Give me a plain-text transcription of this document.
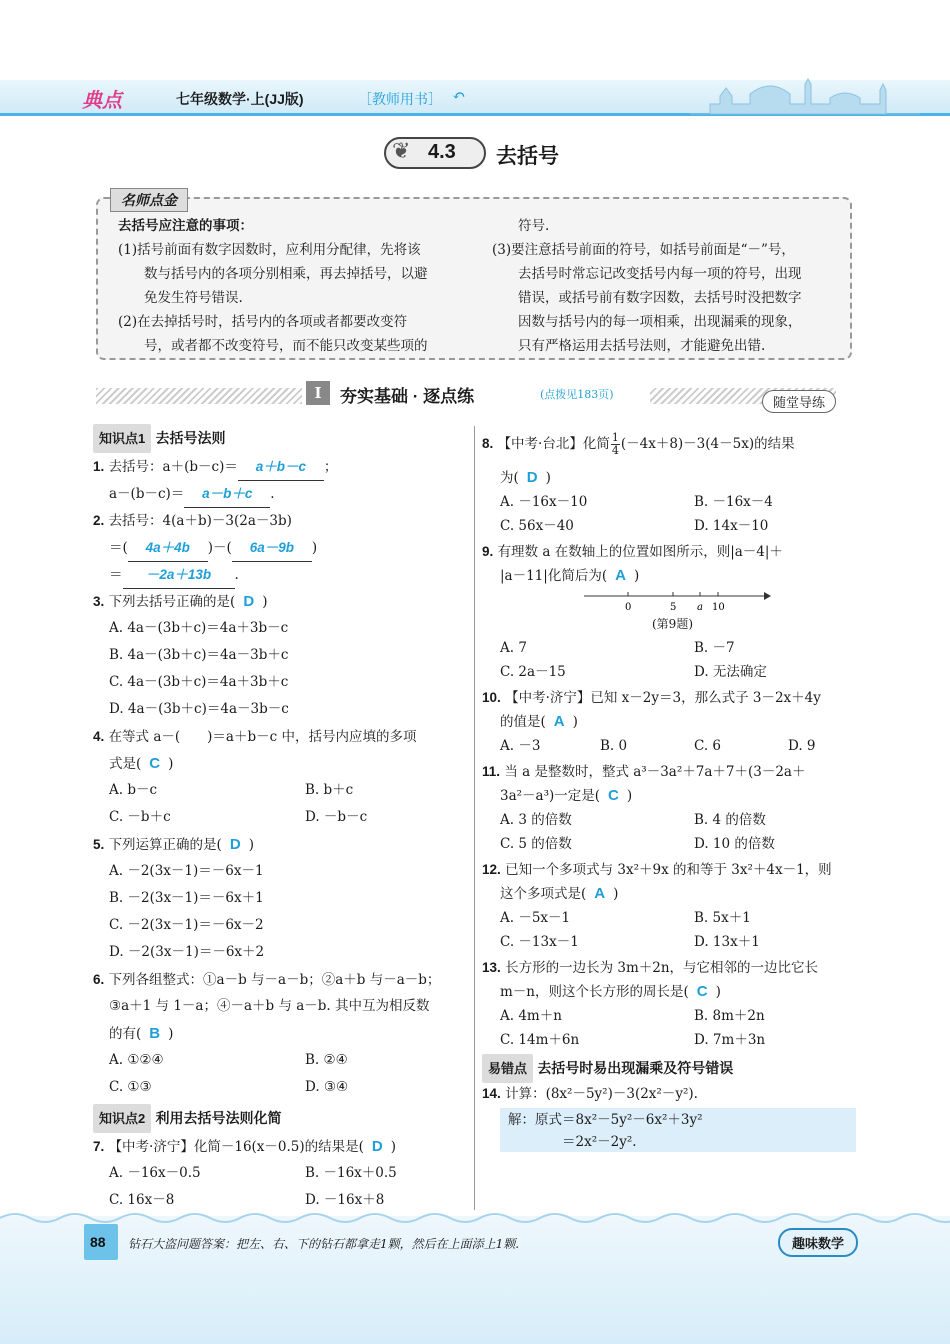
典点	七年级数学·上(JJ版)	［教师用书］ ↶
❦ 4.3 去括号
名师点金
去括号应注意的事项：
(1)括号前面有数字因数时，应利用分配律，先将该
数与括号内的各项分别相乘，再去掉括号，以避
免发生符号错误.
(2)在去掉括号时，括号内的各项或者都要改变符
号，或者都不改变符号，而不能只改变某些项的
符号.
(3)要注意括号前面的符号，如括号前面是“－”号，
去括号时常忘记改变括号内每一项的符号，出现
错误，或括号前有数字因数，去括号时没把数字
因数与括号内的每一项相乘，出现漏乘的现象，
只有严格运用去括号法则，才能避免出错.
Ⅰ	夯实基础 · 逐点练	(点拨见183页)
随堂导练
知识点1 去括号法则
1. 去括号：a＋(b－c)＝ a＋b－c ；
a－(b－c)＝ a－b＋c .
2. 去括号：4(a＋b)－3(2a－3b)
＝( 4a＋4b )－( 6a－9b )
＝ －2a＋13b .
3. 下列去括号正确的是( D )
A. 4a－(3b＋c)＝4a＋3b－c
B. 4a－(3b＋c)＝4a－3b＋c
C. 4a－(3b＋c)＝4a＋3b＋c
D. 4a－(3b＋c)＝4a－3b－c
4. 在等式 a－(　　)＝a＋b－c 中，括号内应填的多项
式是( C )
A. b－c	B. b＋c
C. －b＋c	D. －b－c
5. 下列运算正确的是( D )
A. －2(3x－1)＝－6x－1
B. －2(3x－1)＝－6x＋1
C. －2(3x－1)＝－6x－2
D. －2(3x－1)＝－6x＋2
6. 下列各组整式：①a－b 与－a－b；②a＋b 与－a－b；
③a＋1 与 1－a；④－a＋b 与 a－b. 其中互为相反数
的有( B )
A. ①②④	B. ②④
C. ①③	D. ③④
知识点2 利用去括号法则化简
7. 【中考·济宁】化简－16(x－0.5)的结果是( D )
A. －16x－0.5	B. －16x＋0.5
C. 16x－8	D. －16x＋8
8. 【中考·台北】化简 $\frac{1}{4} (-4x+8)-3(4-5x)$的结果
为( D )
A. －16x－10	B. －16x－4
C. 56x－40	D. 14x－10
9. 有理数 a 在数轴上的位置如图所示，则|a－4|＋
|a－11|化简后为( A )
0	5 a 10
(第9题)
A. 7	B. －7
C. 2a－15	D. 无法确定
10. 【中考·济宁】已知 x－2y＝3，那么式子 3－2x＋4y
的值是( A )
A. －3	B. 0	C. 6	D. 9
11. 当 a 是整数时，整式 a³－3a²＋7a＋7＋(3－2a＋
3a²－a³)一定是( C )
A. 3 的倍数	B. 4 的倍数
C. 5 的倍数	D. 10 的倍数
12. 已知一个多项式与 3x²＋9x 的和等于 3x²＋4x－1，则
这个多项式是( A )
A. －5x－1	B. 5x＋1
C. －13x－1	D. 13x＋1
13. 长方形的一边长为 3m＋2n，与它相邻的一边比它长
m－n，则这个长方形的周长是( C )
A. 4m＋n	B. 8m＋2n
C. 14m＋6n	D. 7m＋3n
易错点 去括号时易出现漏乘及符号错误
14. 计算：(8x²－5y²)－3(2x²－y²).
解：原式＝8x²－5y²－6x²＋3y²
＝2x²－2y².
88 钻石大盗问题答案：把左、右、下的钻石都拿走1颗，然后在上面添上1颗.	趣味数学
